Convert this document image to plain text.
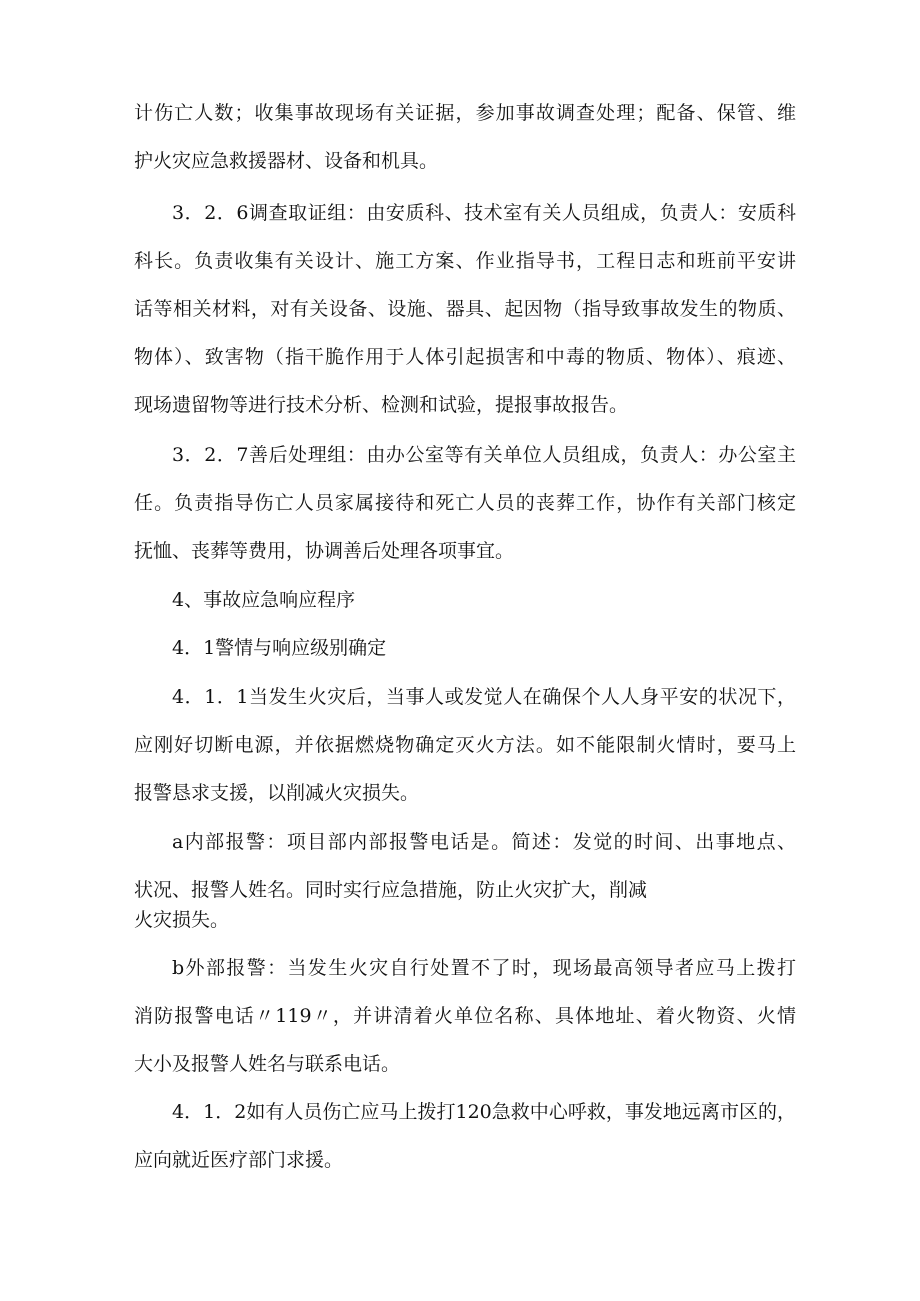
计伤亡人数；收集事故现场有关证据，参加事故调查处理；配备、保管、维
护火灾应急救援器材、设备和机具。
3．2．6调查取证组：由安质科、技术室有关人员组成，负责人：安质科
科长。负责收集有关设计、施工方案、作业指导书，工程日志和班前平安讲
话等相关材料，对有关设备、设施、器具、起因物（指导致事故发生的物质、
物体）、致害物（指干脆作用于人体引起损害和中毒的物质、物体）、痕迹、
现场遗留物等进行技术分析、检测和试验，提报事故报告。
3．2．7善后处理组：由办公室等有关单位人员组成，负责人：办公室主
任。负责指导伤亡人员家属接待和死亡人员的丧葬工作，协作有关部门核定
抚恤、丧葬等费用，协调善后处理各项事宜。
4、事故应急响应程序
4．1警情与响应级别确定
4．1．1当发生火灾后，当事人或发觉人在确保个人人身平安的状况下，
应刚好切断电源，并依据燃烧物确定灭火方法。如不能限制火情时，要马上
报警恳求支援，以削减火灾损失。
a内部报警：项目部内部报警电话是。简述：发觉的时间、出事地点、
状况、报警人姓名。同时实行应急措施，防止火灾扩大，削减
火灾损失。
b外部报警：当发生火灾自行处置不了时，现场最高领导者应马上拨打
消防报警电话〃119〃，并讲清着火单位名称、具体地址、着火物资、火情
大小及报警人姓名与联系电话。
4．1．2如有人员伤亡应马上拨打120急救中心呼救，事发地远离市区的，
应向就近医疗部门求援。
